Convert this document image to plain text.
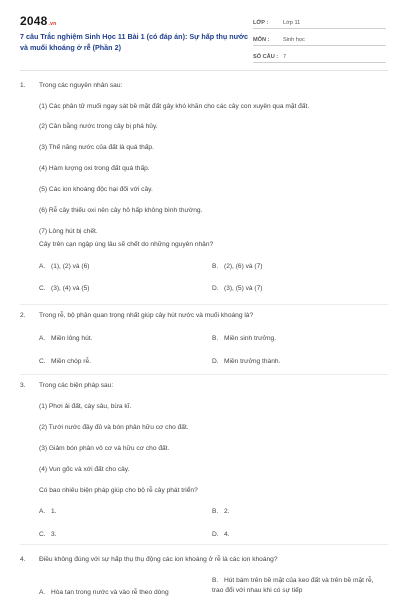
2048.vn
7 câu Trắc nghiệm Sinh Học 11 Bài 1 (có đáp án): Sự hấp thụ nước và muối khoáng ở rễ (Phần 2)
LỚP :	Lớp 11
MÔN :	Sinh học
SỐ CÂU : 7
1. Trong các nguyên nhân sau:
(1) Các phân tử muối ngay sát bề mặt đất gây khó khăn cho các cây con xuyên qua mặt đất.
(2) Cân bằng nước trong cây bị phá hủy.
(3) Thế năng nước của đất là quá thấp.
(4) Hàm lượng oxi trong đất quá thấp.
(5) Các ion khoáng độc hại đối với cây.
(6) Rễ cây thiếu oxi nên cây hô hấp không bình thường.
(7) Lông hút bị chết.
Cây trên cạn ngập úng lâu sẽ chết do những nguyên nhân?
A. (1), (2) và (6)	B. (2), (6) và (7)
C. (3), (4) và (5)	D. (3), (5) và (7)
2. Trong rễ, bộ phận quan trọng nhất giúp cây hút nước và muối khoáng là?
A. Miền lông hút.	B. Miền sinh trưởng.
C. Miền chóp rễ.	D. Miền trưởng thành.
3. Trong các biện pháp sau:
(1) Phơi ải đất, cày sâu, bừa kĩ.
(2) Tưới nước đầy đủ và bón phân hữu cơ cho đất.
(3) Giảm bón phân vô cơ và hữu cơ cho đất.
(4) Vun gốc và xới đất cho cây.
Có bao nhiêu biện pháp giúp cho bộ rễ cây phát triển?
A. 1.	B. 2.
C. 3.	D. 4.
4. Điều không đúng với sự hấp thụ thụ động các ion khoáng ở rễ là các ion khoáng?
A. Hòa tan trong nước và vào rễ theo dòng
B. Hút bám trên bề mặt của keo đất và trên bề mặt rễ, trao đổi với nhau khi có sự tiếp
